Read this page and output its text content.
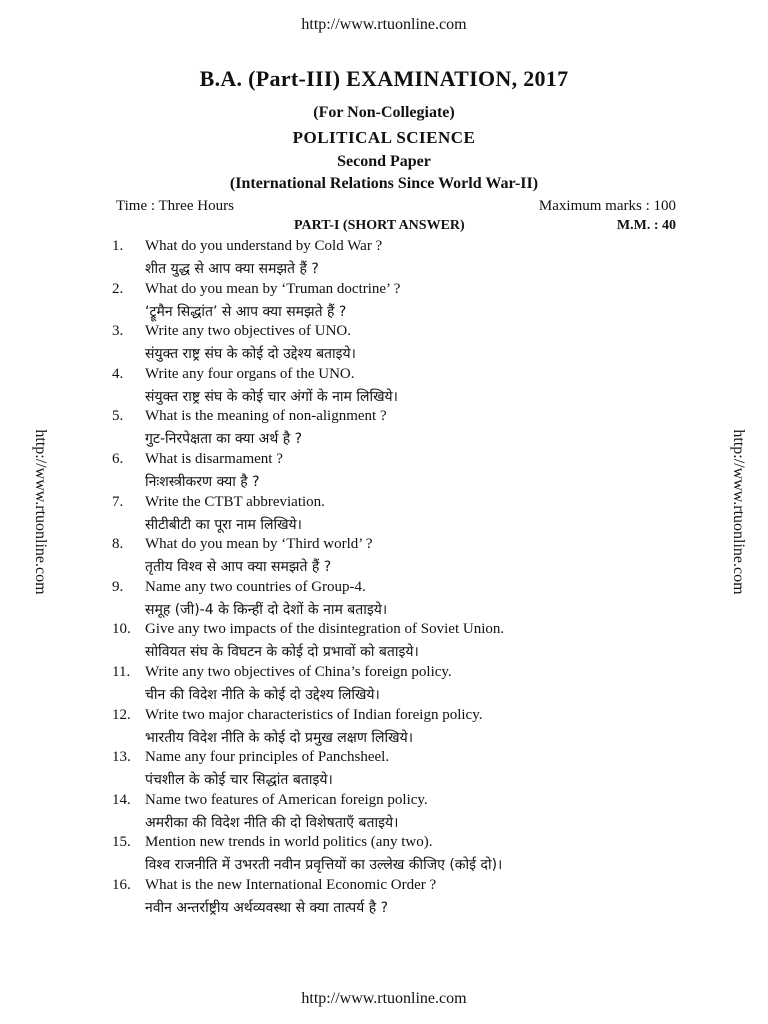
http://www.rtuonline.com
http://www.rtuonline.com	http://www.rtuonline.com
B.A. (Part-III) EXAMINATION, 2017
(For Non-Collegiate)
POLITICAL SCIENCE
Second Paper
(International Relations Since World War-II)
Time : Three Hours	Maximum marks : 100
PART-I (SHORT ANSWER)	M.M. : 40
1.	What do you understand by Cold War ?
शीत युद्ध से आप क्या समझते हैं ?
2.	What do you mean by ‘Truman doctrine’ ?
‘ट्रूमैन सिद्धांत’ से आप क्या समझते हैं ?
3.	Write any two objectives of UNO.
संयुक्त राष्ट्र संघ के कोई दो उद्देश्य बताइये।
4.	Write any four organs of the UNO.
संयुक्त राष्ट्र संघ के कोई चार अंगों के नाम लिखिये।
5.	What is the meaning of non-alignment ?
गुट-निरपेक्षता का क्या अर्थ है ?
6.	What is disarmament ?
निःशस्त्रीकरण क्या है ?
7.	Write the CTBT abbreviation.
सीटीबीटी का पूरा नाम लिखिये।
8.	What do you mean by ‘Third world’ ?
तृतीय विश्व से आप क्या समझते हैं ?
9.	Name any two countries of Group-4.
समूह (जी)-4 के किन्हीं दो देशों के नाम बताइये।
10. Give any two impacts of the disintegration of Soviet Union.
सोवियत संघ के विघटन के कोई दो प्रभावों को बताइये।
11. Write any two objectives of China’s foreign policy.
चीन की विदेश नीति के कोई दो उद्देश्य लिखिये।
12. Write two major characteristics of Indian foreign policy.
भारतीय विदेश नीति के कोई दो प्रमुख लक्षण लिखिये।
13. Name any four principles of Panchsheel.
पंचशील के कोई चार सिद्धांत बताइये।
14. Name two features of American foreign policy.
अमरीका की विदेश नीति की दो विशेषताएँ बताइये।
15. Mention new trends in world politics (any two).
विश्व राजनीति में उभरती नवीन प्रवृत्तियों का उल्लेख कीजिए (कोई दो)।
16. What is the new International Economic Order ?
नवीन अन्तर्राष्ट्रीय अर्थव्यवस्था से क्या तात्पर्य है ?
http://www.rtuonline.com
